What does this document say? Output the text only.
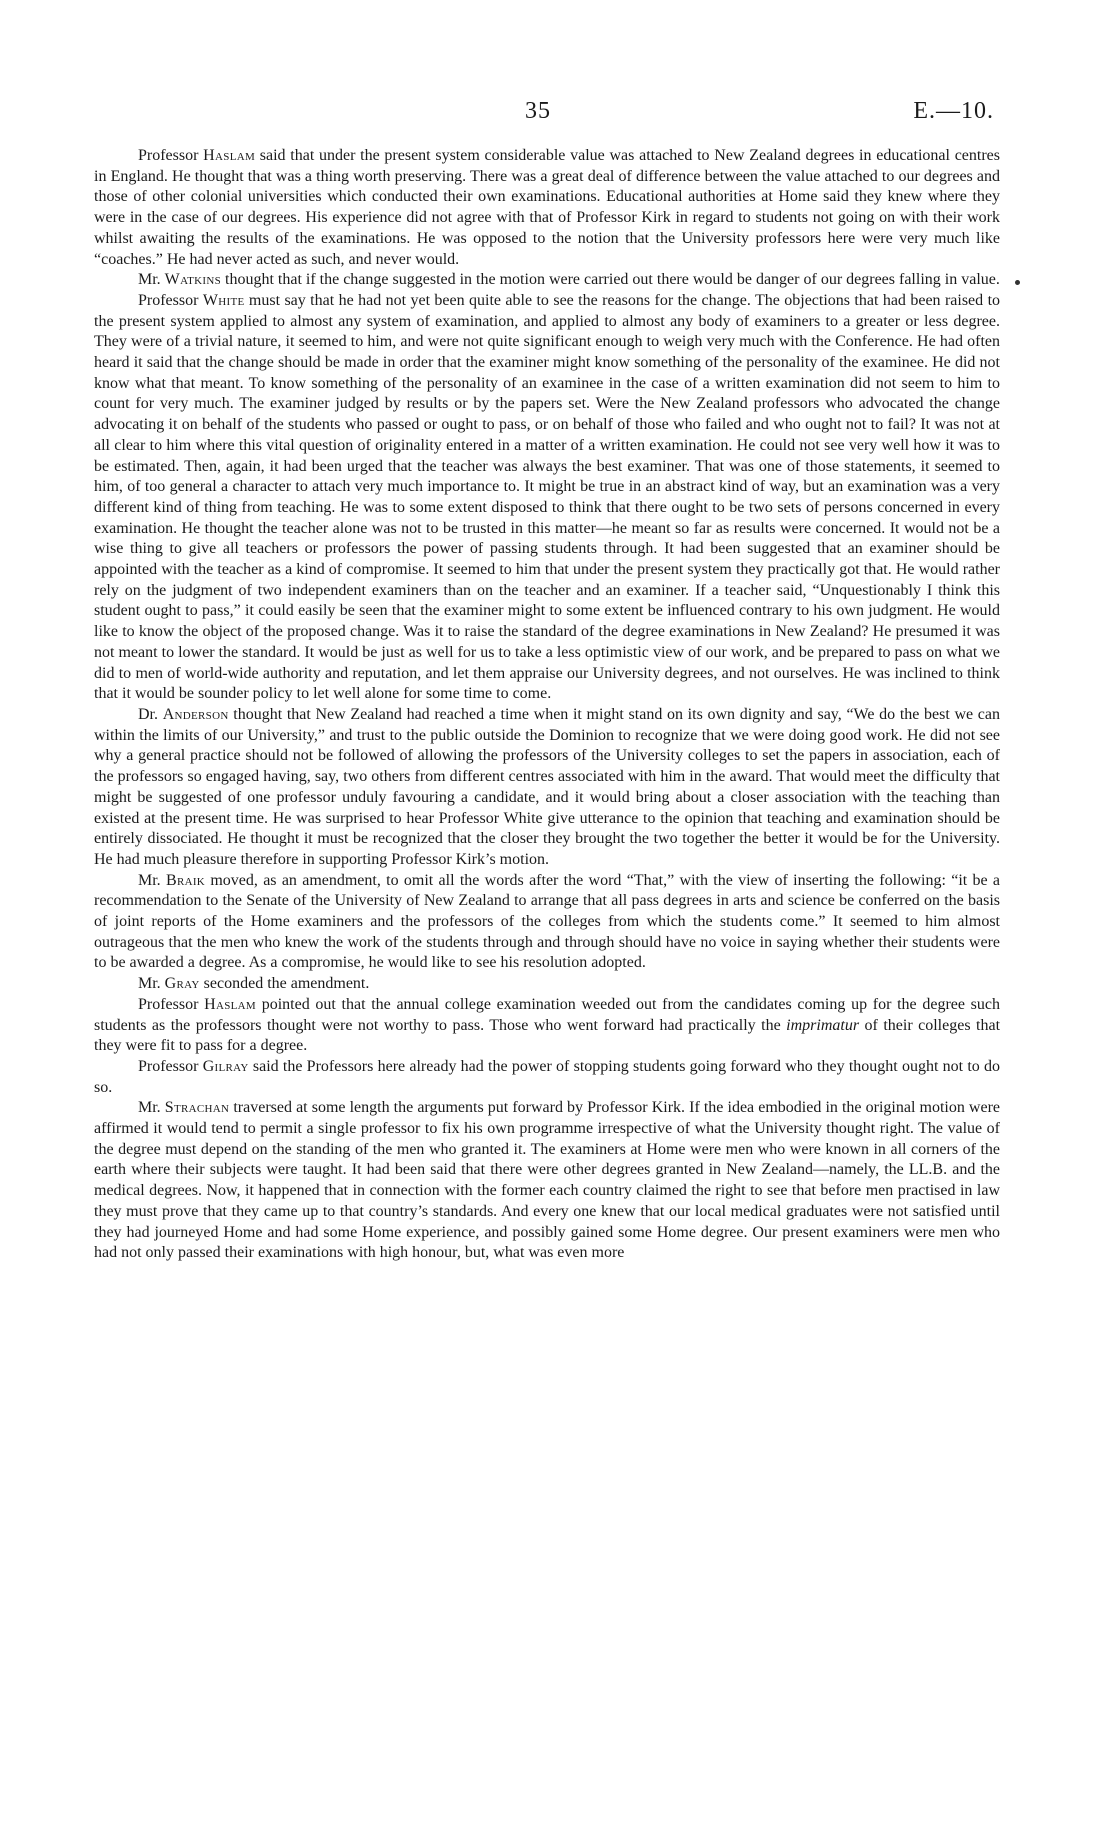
35	E.—10.

Professor Haslam said that under the present system considerable value was attached to New Zealand degrees in educational centres in England. He thought that was a thing worth preserving. There was a great deal of difference between the value attached to our degrees and those of other colonial universities which conducted their own examinations. Educational authorities at Home said they knew where they were in the case of our degrees. His experience did not agree with that of Professor Kirk in regard to students not going on with their work whilst awaiting the results of the examinations. He was opposed to the notion that the University professors here were very much like “coaches.” He had never acted as such, and never would.

Mr. Watkins thought that if the change suggested in the motion were carried out there would be danger of our degrees falling in value.

Professor White must say that he had not yet been quite able to see the reasons for the change. The objections that had been raised to the present system applied to almost any system of examination, and applied to almost any body of examiners to a greater or less degree. They were of a trivial nature, it seemed to him, and were not quite significant enough to weigh very much with the Conference. He had often heard it said that the change should be made in order that the examiner might know something of the personality of the examinee. He did not know what that meant. To know something of the personality of an examinee in the case of a written examination did not seem to him to count for very much. The examiner judged by results or by the papers set. Were the New Zealand professors who advocated the change advocating it on behalf of the students who passed or ought to pass, or on behalf of those who failed and who ought not to fail? It was not at all clear to him where this vital question of originality entered in a matter of a written examination. He could not see very well how it was to be estimated. Then, again, it had been urged that the teacher was always the best examiner. That was one of those statements, it seemed to him, of too general a character to attach very much importance to. It might be true in an abstract kind of way, but an examination was a very different kind of thing from teaching. He was to some extent disposed to think that there ought to be two sets of persons concerned in every examination. He thought the teacher alone was not to be trusted in this matter—he meant so far as results were concerned. It would not be a wise thing to give all teachers or professors the power of passing students through. It had been suggested that an examiner should be appointed with the teacher as a kind of compromise. It seemed to him that under the present system they practically got that. He would rather rely on the judgment of two independent examiners than on the teacher and an examiner. If a teacher said, “Unquestionably I think this student ought to pass,” it could easily be seen that the examiner might to some extent be influenced contrary to his own judgment. He would like to know the object of the proposed change. Was it to raise the standard of the degree examinations in New Zealand? He presumed it was not meant to lower the standard. It would be just as well for us to take a less optimistic view of our work, and be prepared to pass on what we did to men of world-wide authority and reputation, and let them appraise our University degrees, and not ourselves. He was inclined to think that it would be sounder policy to let well alone for some time to come.

Dr. Anderson thought that New Zealand had reached a time when it might stand on its own dignity and say, “We do the best we can within the limits of our University,” and trust to the public outside the Dominion to recognize that we were doing good work. He did not see why a general practice should not be followed of allowing the professors of the University colleges to set the papers in association, each of the professors so engaged having, say, two others from different centres associated with him in the award. That would meet the difficulty that might be suggested of one professor unduly favouring a candidate, and it would bring about a closer association with the teaching than existed at the present time. He was surprised to hear Professor White give utterance to the opinion that teaching and examination should be entirely dissociated. He thought it must be recognized that the closer they brought the two together the better it would be for the University. He had much pleasure therefore in supporting Professor Kirk’s motion.

Mr. Braik moved, as an amendment, to omit all the words after the word “That,” with the view of inserting the following: “it be a recommendation to the Senate of the University of New Zealand to arrange that all pass degrees in arts and science be conferred on the basis of joint reports of the Home examiners and the professors of the colleges from which the students come.” It seemed to him almost outrageous that the men who knew the work of the students through and through should have no voice in saying whether their students were to be awarded a degree. As a compromise, he would like to see his resolution adopted.

Mr. Gray seconded the amendment.

Professor Haslam pointed out that the annual college examination weeded out from the candidates coming up for the degree such students as the professors thought were not worthy to pass. Those who went forward had practically the imprimatur of their colleges that they were fit to pass for a degree.

Professor Gilray said the Professors here already had the power of stopping students going forward who they thought ought not to do so.

Mr. Strachan traversed at some length the arguments put forward by Professor Kirk. If the idea embodied in the original motion were affirmed it would tend to permit a single professor to fix his own programme irrespective of what the University thought right. The value of the degree must depend on the standing of the men who granted it. The examiners at Home were men who were known in all corners of the earth where their subjects were taught. It had been said that there were other degrees granted in New Zealand—namely, the LL.B. and the medical degrees. Now, it happened that in connection with the former each country claimed the right to see that before men practised in law they must prove that they came up to that country’s standards. And every one knew that our local medical graduates were not satisfied until they had journeyed Home and had some Home experience, and possibly gained some Home degree. Our present examiners were men who had not only passed their examinations with high honour, but, what was even more
